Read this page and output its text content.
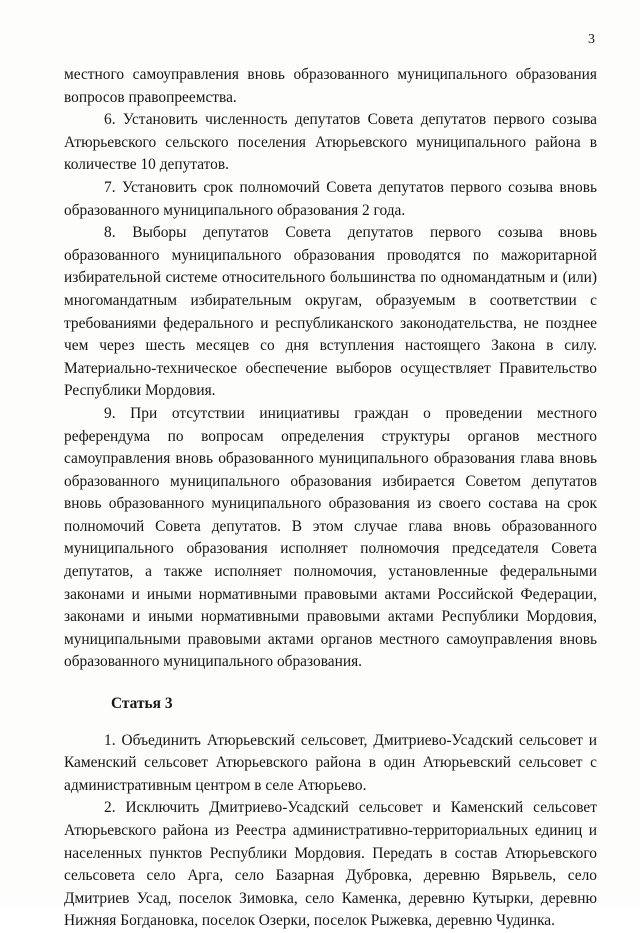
3

местного самоуправления вновь образованного муниципального образования вопросов правопреемства.

6. Установить численность депутатов Совета депутатов первого созыва Атюрьевского сельского поселения Атюрьевского муниципального района в количестве 10 депутатов.

7. Установить срок полномочий Совета депутатов первого созыва вновь образованного муниципального образования 2 года.

8. Выборы депутатов Совета депутатов первого созыва вновь образованного муниципального образования проводятся по мажоритарной избирательной системе относительного большинства по одномандатным и (или) многомандатным избирательным округам, образуемым в соответствии с требованиями федерального и республиканского законодательства, не позднее чем через шесть месяцев со дня вступления настоящего Закона в силу. Материально-техническое обеспечение выборов осуществляет Правительство Республики Мордовия.

9. При отсутствии инициативы граждан о проведении местного референдума по вопросам определения структуры органов местного самоуправления вновь образованного муниципального образования глава вновь образованного муниципального образования избирается Советом депутатов вновь образованного муниципального образования из своего состава на срок полномочий Совета депутатов. В этом случае глава вновь образованного муниципального образования исполняет полномочия председателя Совета депутатов, а также исполняет полномочия, установленные федеральными законами и иными нормативными правовыми актами Российской Федерации, законами и иными нормативными правовыми актами Республики Мордовия, муниципальными правовыми актами органов местного самоуправления вновь образованного муниципального образования.

Статья 3

1. Объединить Атюрьевский сельсовет, Дмитриево-Усадский сельсовет и Каменский сельсовет Атюрьевского района в один Атюрьевский сельсовет с административным центром в селе Атюрьево.

2. Исключить Дмитриево-Усадский сельсовет и Каменский сельсовет Атюрьевского района из Реестра административно-территориальных единиц и населенных пунктов Республики Мордовия. Передать в состав Атюрьевского сельсовета село Арга, село Базарная Дубровка, деревню Вярьвель, село Дмитриев Усад, поселок Зимовка, село Каменка, деревню Кутырки, деревню Нижняя Богдановка, поселок Озерки, поселок Рыжевка, деревню Чудинка.
